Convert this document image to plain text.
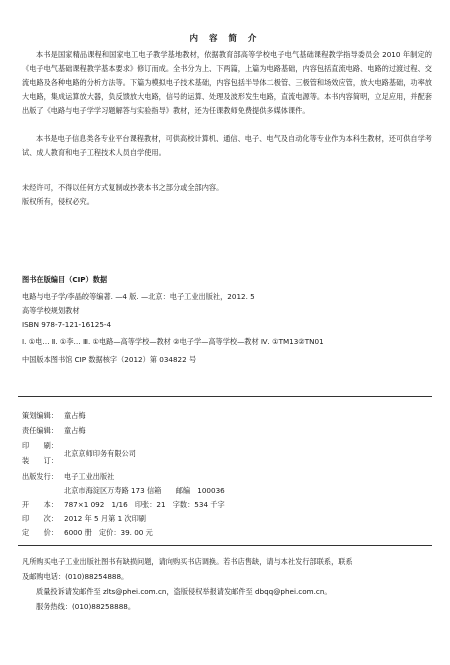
内 容 简 介
本书是国家精品课程和国家电工电子教学基地教材，依据教育部高等学校电子电气基础课程教学指导委员会 2010 年制定的《电子电气基础课程教学基本要求》修订而成。全书分为上、下两篇，上篇为电路基础，内容包括直流电路、电路的过渡过程、交流电路及各种电路的分析方法等。下篇为模拟电子技术基础，内容包括半导体二极管、三极管和场效应管，放大电路基础，功率放大电路，集成运算放大器，负反馈放大电路，信号的运算、处理及波形发生电路，直流电源等。本书内容简明，立足应用，并配套出版了《电路与电子学学习题解答与实验指导》教材，还为任课教师免费提供多媒体课件。
本书是电子信息类各专业平台课程教材，可供高校计算机、通信、电子、电气及自动化等专业作为本科生教材，还可供自学考试、成人教育和电子工程技术人员自学使用。
未经许可，不得以任何方式复制或抄袭本书之部分或全部内容。
版权所有，侵权必究。
图书在版编目（CIP）数据
电路与电子学/李晶皎等编著. —4 版. —北京：电子工业出版社，2012. 5
高等学校规划教材
ISBN 978-7-121-16125-4
Ⅰ. ①电… Ⅱ. ①李… Ⅲ. ①电路—高等学校—教材 ②电子学—高等学校—教材 Ⅳ. ①TM13②TN01
中国版本图书馆 CIP 数据核字（2012）第 034822 号
策划编辑： 童占梅
责任编辑： 童占梅
印　　刷：
北京京师印务有限公司
装　　订：
出版发行： 电子工业出版社
北京市海淀区万寿路 173 信箱　　邮编　100036
开　　本： 787×1 092　1/16　印张：21　字数：534 千字
印　　次： 2012 年 5 月第 1 次印刷
定　　价： 6000 册　定价：39. 00 元
凡所购买电子工业出版社图书有缺损问题，请向购买书店调换。若书店售缺，请与本社发行部联系，联系
及邮购电话：(010)88254888。
质量投诉请发邮件至 zlts@phei.com.cn，盗版侵权举报请发邮件至 dbqq@phei.com.cn。
服务热线：(010)88258888。
